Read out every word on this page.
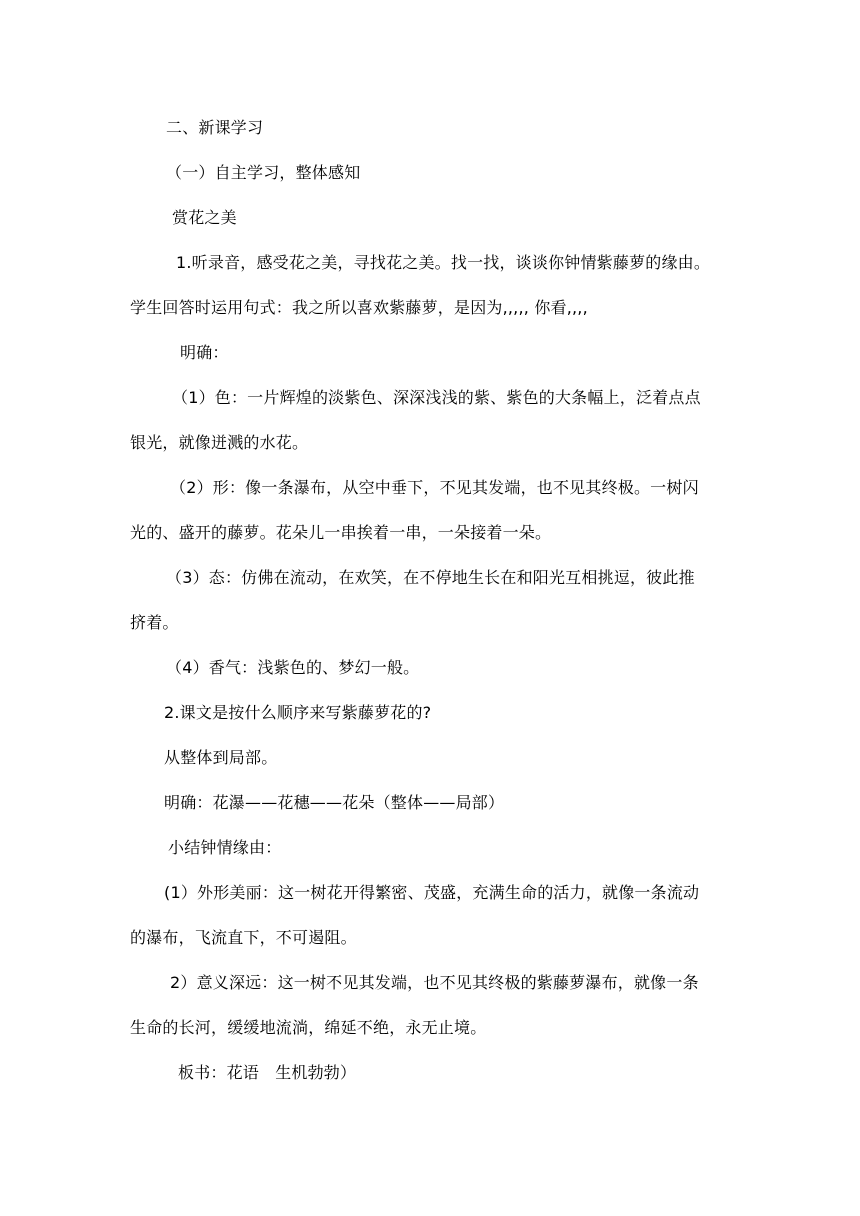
二、新课学习
（一）自主学习，整体感知
赏花之美
1.听录音，感受花之美，寻找花之美。找一找，谈谈你钟情紫藤萝的缘由。
学生回答时运用句式：我之所以喜欢紫藤萝，是因为,,,,, 你看,,,,
明确：
（1）色：一片辉煌的淡紫色、深深浅浅的紫、紫色的大条幅上，泛着点点
银光，就像迸溅的水花。
（2）形：像一条瀑布，从空中垂下，不见其发端，也不见其终极。一树闪
光的、盛开的藤萝。花朵儿一串挨着一串，一朵接着一朵。
（3）态：仿佛在流动，在欢笑，在不停地生长在和阳光互相挑逗，彼此推
挤着。
（4）香气：浅紫色的、梦幻一般。
2.课文是按什么顺序来写紫藤萝花的?
从整体到局部。
明确：花瀑——花穗——花朵（整体——局部）
小结钟情缘由：
(1）外形美丽：这一树花开得繁密、茂盛，充满生命的活力，就像一条流动
的瀑布，飞流直下，不可遏阻。
2）意义深远：这一树不见其发端，也不见其终极的紫藤萝瀑布，就像一条
生命的长河，缓缓地流淌，绵延不绝，永无止境。
板书：花语　生机勃勃）
